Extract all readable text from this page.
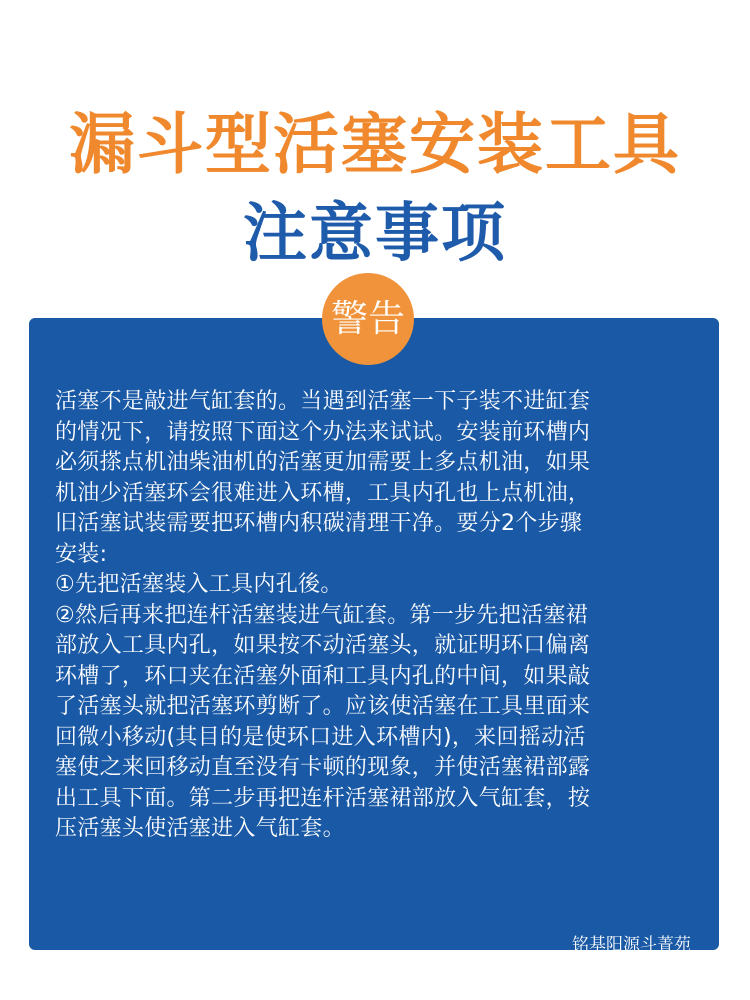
漏斗型活塞安装工具
注意事项
警告

活塞不是敲进气缸套的。当遇到活塞一下子装不进缸套
的情况下，请按照下面这个办法来试试。安装前环槽内
必须搽点机油柴油机的活塞更加需要上多点机油，如果
机油少活塞环会很难进入环槽，工具内孔也上点机油，
旧活塞试装需要把环槽内积碳清理干净。要分2个步骤
安装:
①先把活塞装入工具内孔後。
②然后再来把连杆活塞装进气缸套。第一步先把活塞裙
部放入工具内孔，如果按不动活塞头，就证明环口偏离
环槽了，环口夹在活塞外面和工具内孔的中间，如果敲
了活塞头就把活塞环剪断了。应该使活塞在工具里面来
回微小移动(其目的是使环口进入环槽内)，来回摇动活
塞使之来回移动直至没有卡顿的现象，并使活塞裙部露
出工具下面。第二步再把连杆活塞裙部放入气缸套，按
压活塞头使活塞进入气缸套。

铭基阳源斗菁苑
